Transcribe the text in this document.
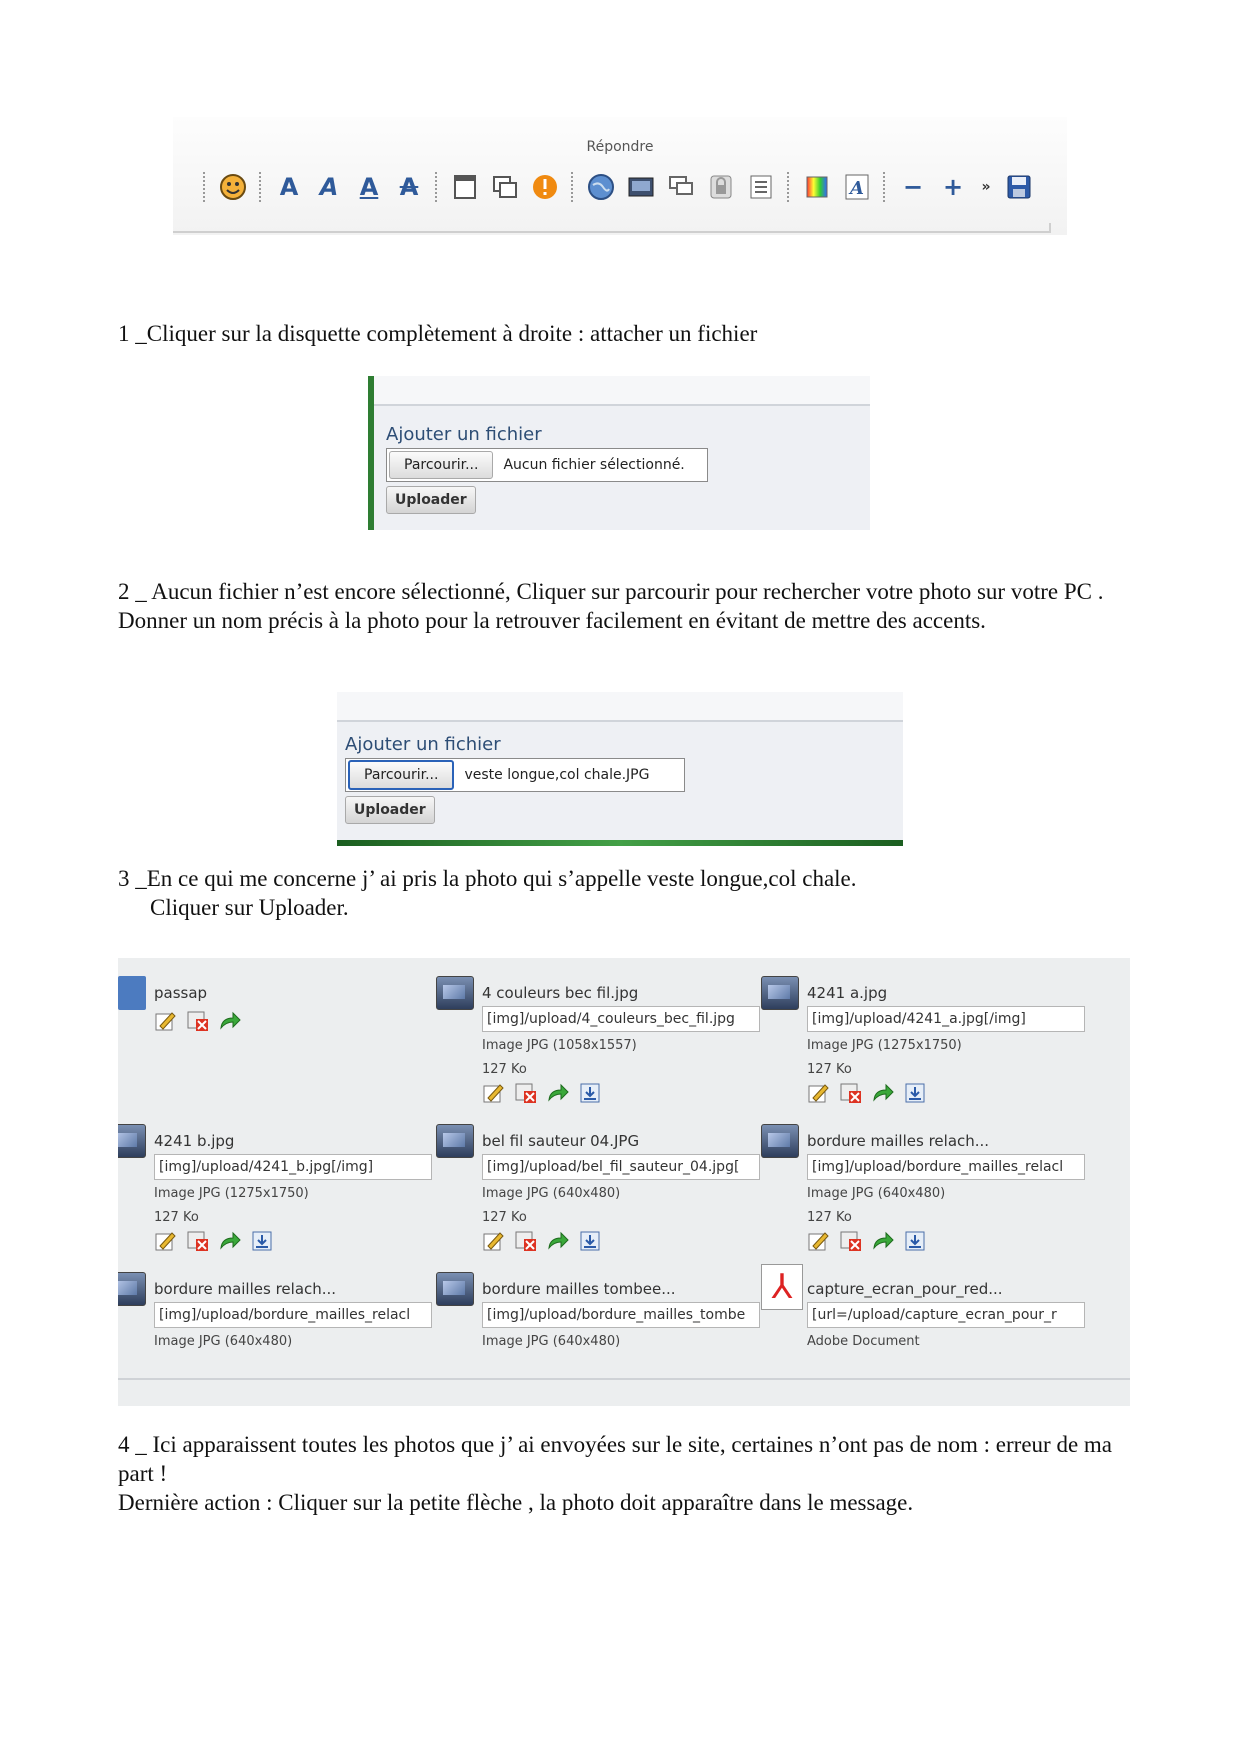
Répondre
A A A A	A − +	»

1 _Cliquer sur la disquette complètement à droite : attacher un fichier

Ajouter un fichier
Parcourir...	Aucun fichier sélectionné.
Uploader

2 _ Aucun fichier n’est encore sélectionné, Cliquer sur parcourir pour rechercher votre photo sur votre PC . Donner un nom précis à la photo pour la retrouver facilement en évitant de mettre des accents.

Ajouter un fichier
Parcourir...	veste longue,col chale.JPG
Uploader

3 _En ce qui me concerne j’ ai pris la photo qui s’appelle veste longue,col chale.

Cliquer sur Uploader.

passap	4 couleurs bec fil.jpg
[img]/upload/4_couleurs_bec_fil.jpg
Image JPG (1058x1557)
127 Ko
4241 a.jpg
[img]/upload/4241_a.jpg[/img]
Image JPG (1275x1750)
127 Ko
4241 b.jpg
[img]/upload/4241_b.jpg[/img]
Image JPG (1275x1750)
127 Ko
bel fil sauteur 04.JPG
[img]/upload/bel_fil_sauteur_04.jpg[
Image JPG (640x480)
127 Ko
bordure mailles relach...
[img]/upload/bordure_mailles_relacl
Image JPG (640x480)
127 Ko
bordure mailles relach...
[img]/upload/bordure_mailles_relacl
Image JPG (640x480)
bordure mailles tombee...
[img]/upload/bordure_mailles_tombe
Image JPG (640x480)
⅄ capture_ecran_pour_red...
[url=/upload/capture_ecran_pour_r
Adobe Document

4 _ Ici apparaissent toutes les photos que j’ ai envoyées sur le site, certaines n’ont pas de nom : erreur de ma part !

Dernière action : Cliquer sur la petite flèche , la photo doit apparaître dans le message.
